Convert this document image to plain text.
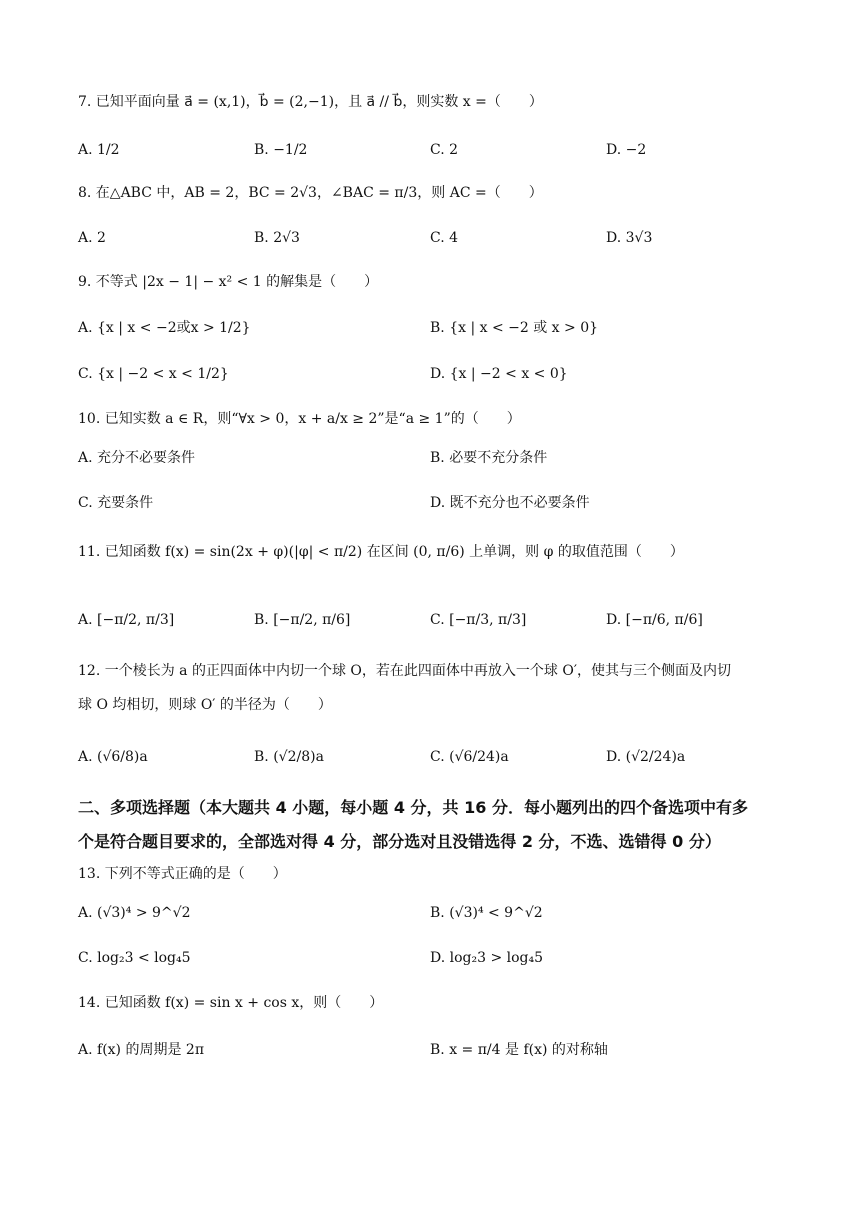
7. 已知平面向量 a⃗ = (x,1)，b⃗ = (2,−1)，且 a⃗ // b⃗，则实数 x =（　　）
A. 1/2	B. −1/2	C. 2	D. −2
8. 在△ABC 中，AB = 2，BC = 2√3，∠BAC = π/3，则 AC =（　　）
A. 2	B. 2√3	C. 4	D. 3√3
9. 不等式 |2x − 1| − x² < 1 的解集是（　　）
A. {x | x < −2或x > 1/2}	B. {x | x < −2 或 x > 0}
C. {x | −2 < x < 1/2}	D. {x | −2 < x < 0}
10. 已知实数 a ∈ R，则“∀x > 0，x + a/x ≥ 2”是“a ≥ 1”的（　　）
A. 充分不必要条件	B. 必要不充分条件
C. 充要条件	D. 既不充分也不必要条件
11. 已知函数 f(x) = sin(2x + φ)(|φ| < π/2) 在区间 (0, π/6) 上单调，则 φ 的取值范围（　　）
A. [−π/2, π/3]	B. [−π/2, π/6]	C. [−π/3, π/3]	D. [−π/6, π/6]
12. 一个棱长为 a 的正四面体中内切一个球 O，若在此四面体中再放入一个球 O′，使其与三个侧面及内切
球 O 均相切，则球 O′ 的半径为（　　）
A. (√6/8)a	B. (√2/8)a	C. (√6/24)a	D. (√2/24)a
二、多项选择题（本大题共 4 小题，每小题 4 分，共 16 分．每小题列出的四个备选项中有多
个是符合题目要求的，全部选对得 4 分，部分选对且没错选得 2 分，不选、选错得 0 分）
13. 下列不等式正确的是（　　）
A. (√3)⁴ > 9^√2	B. (√3)⁴ < 9^√2
C. log₂3 < log₄5	D. log₂3 > log₄5
14. 已知函数 f(x) = sin x + cos x，则（　　）
A. f(x) 的周期是 2π	B. x = π/4 是 f(x) 的对称轴
